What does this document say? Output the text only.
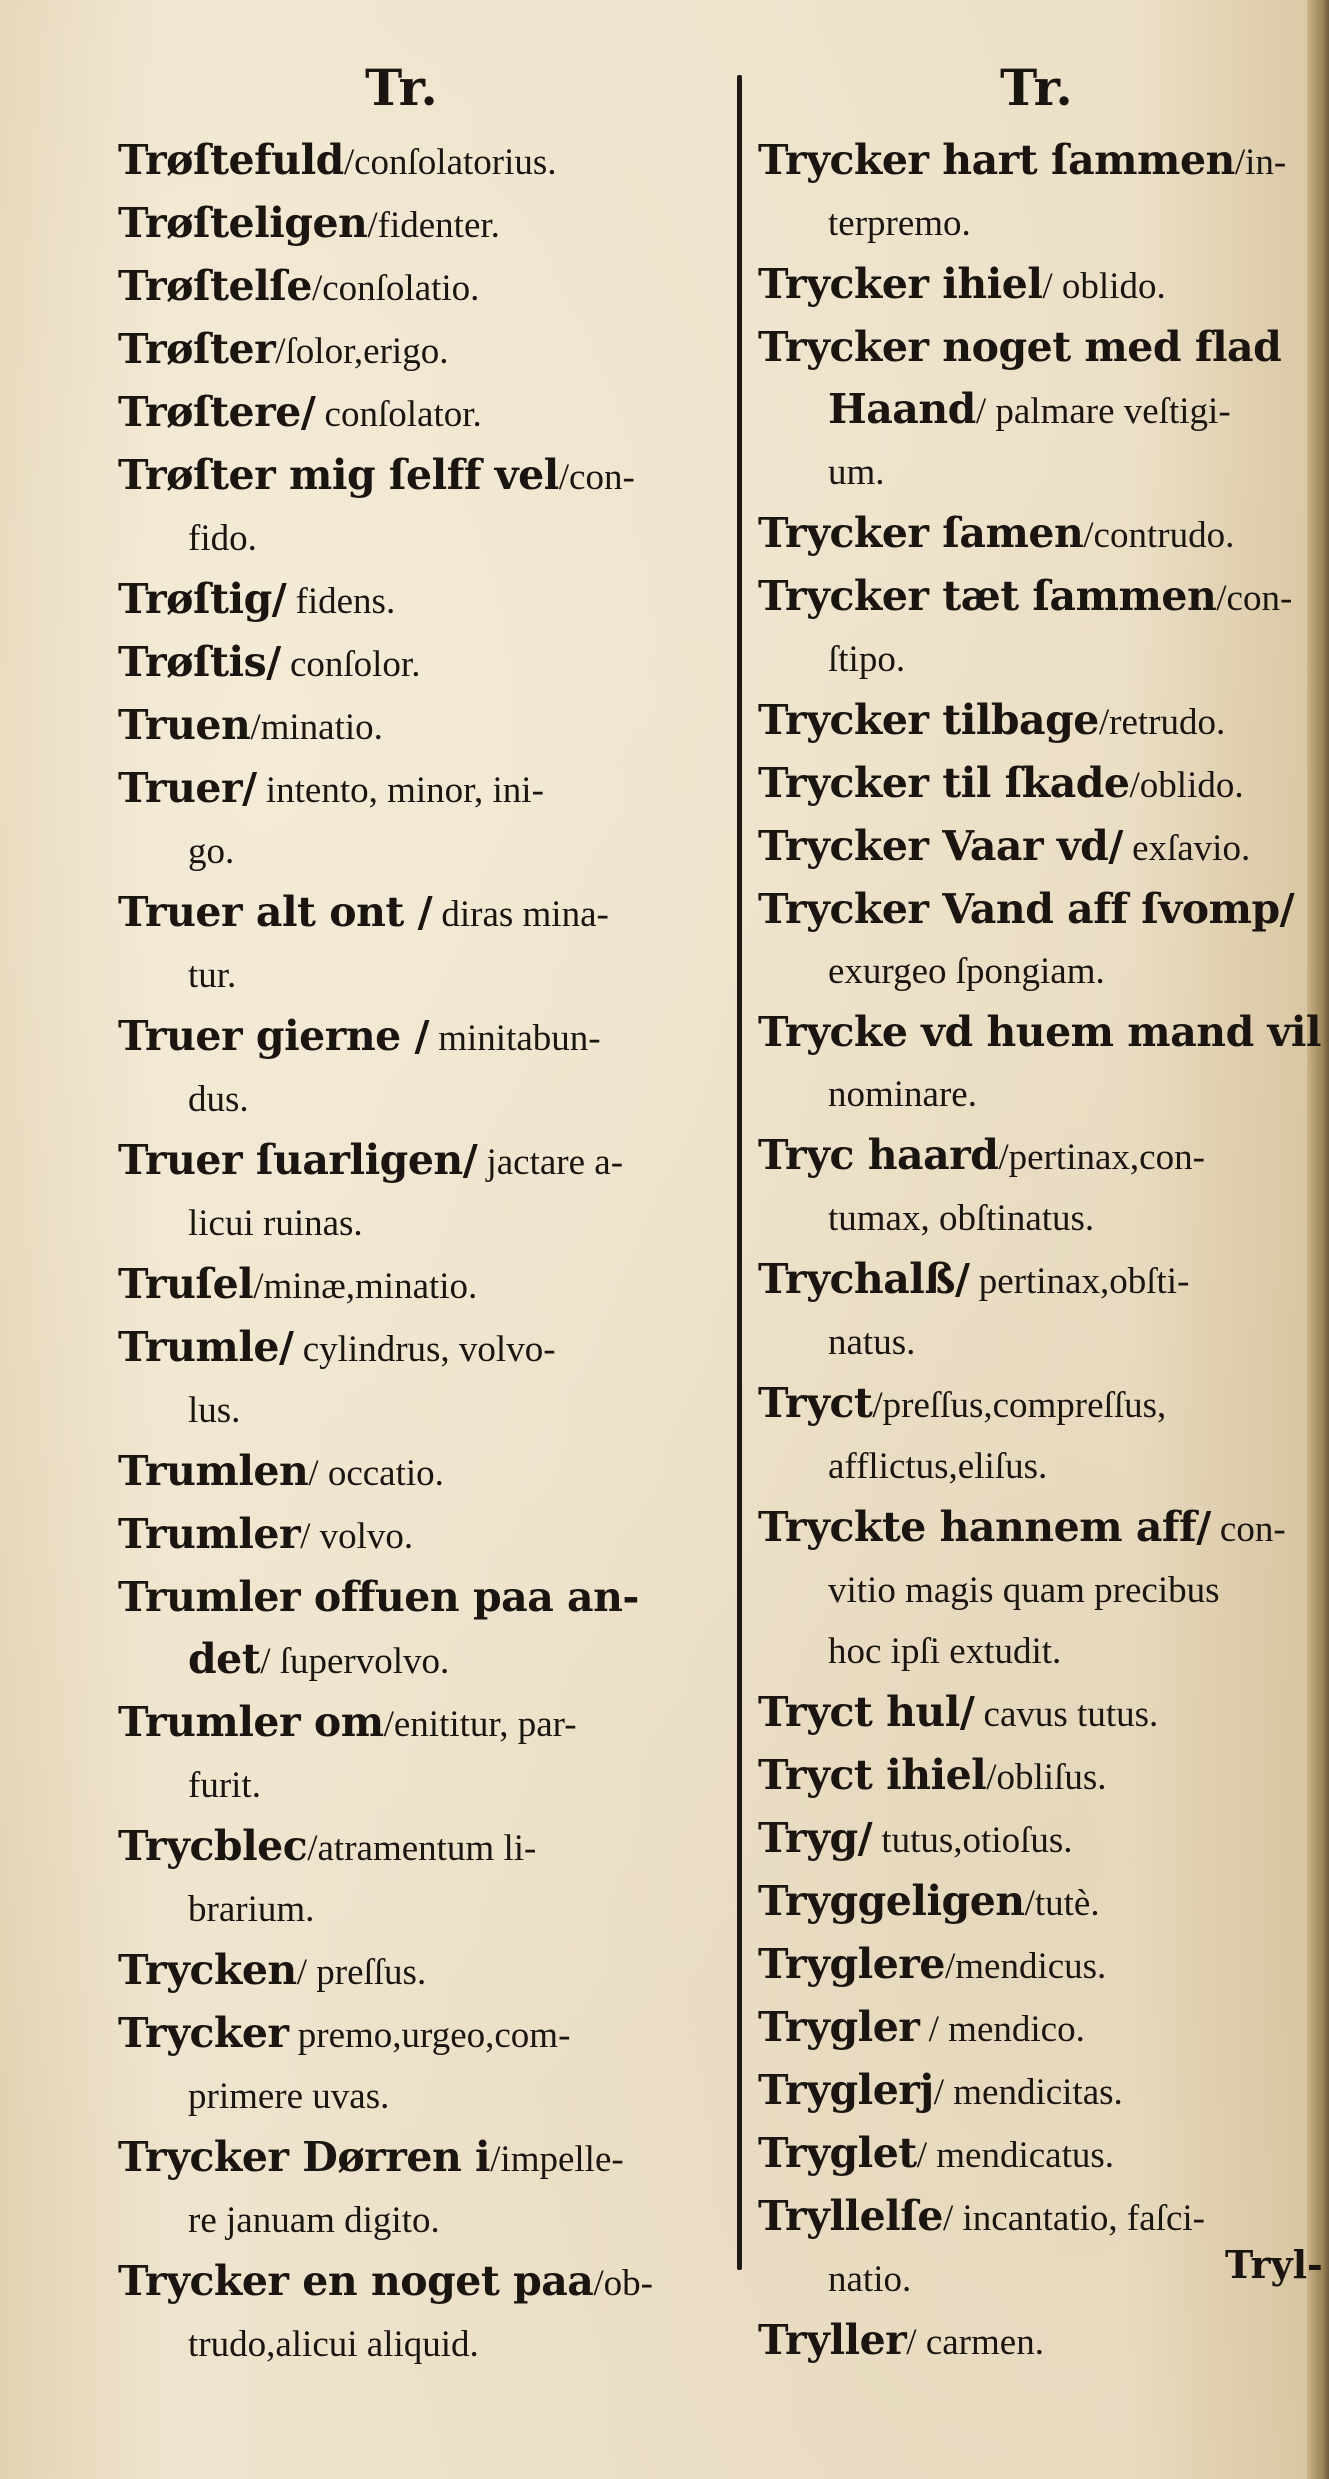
Tr.	Tr.
Trøſtefuld/conſolatorius.
Trøſteligen/fidenter.
Trøſtelſe/conſolatio.
Trøſter/ſolor,erigo.
Trøſtere/ conſolator.
Trøſter mig ſelff vel/con-
fido.
Trøſtig/ fidens.
Trøſtis/ conſolor.
Truen/minatio.
Truer/ intento, minor, ini-
go.
Truer alt ont / diras mina-
tur.
Truer gierne / minitabun-
dus.
Truer ſuarligen/ jactare a-
licui ruinas.
Truſel/minæ,minatio.
Trumle/ cylindrus, volvo-
lus.
Trumlen/ occatio.
Trumler/ volvo.
Trumler offuen paa an-
det/ ſupervolvo.
Trumler om/enititur, par-
furit.
Trycblec/atramentum li-
brarium.
Trycken/ preſſus.
Trycker premo,urgeo,com-
primere uvas.
Trycker Dørren i/impelle-
re januam digito.
Trycker en noget paa/ob-
trudo,alicui aliquid.
Trycker hart ſammen/in-
terpremo.
Trycker ihiel/ oblido.
Trycker noget med flad
Haand/ palmare veſtigi-
um.
Trycker ſamen/contrudo.
Trycker tæt ſammen/con-
ſtipo.
Trycker tilbage/retrudo.
Trycker til ſkade/oblido.
Trycker Vaar vd/ exſavio.
Trycker Vand aff ſvomp/
exurgeo ſpongiam.
Trycke vd huem mand vil
nominare.
Tryc haard/pertinax,con-
tumax, obſtinatus.
Trychalß/ pertinax,obſti-
natus.
Tryct/preſſus,compreſſus,
afflictus,eliſus.
Tryckte hannem aff/ con-
vitio magis quam precibus
hoc ipſi extudit.
Tryct hul/ cavus tutus.
Tryct ihiel/obliſus.
Tryg/ tutus,otioſus.
Tryggeligen/tutè.
Tryglere/mendicus.
Trygler / mendico.
Tryglerj/ mendicitas.
Tryglet/ mendicatus.
Tryllelſe/ incantatio, faſci-
natio.
Tryller/ carmen.
Tryl-
